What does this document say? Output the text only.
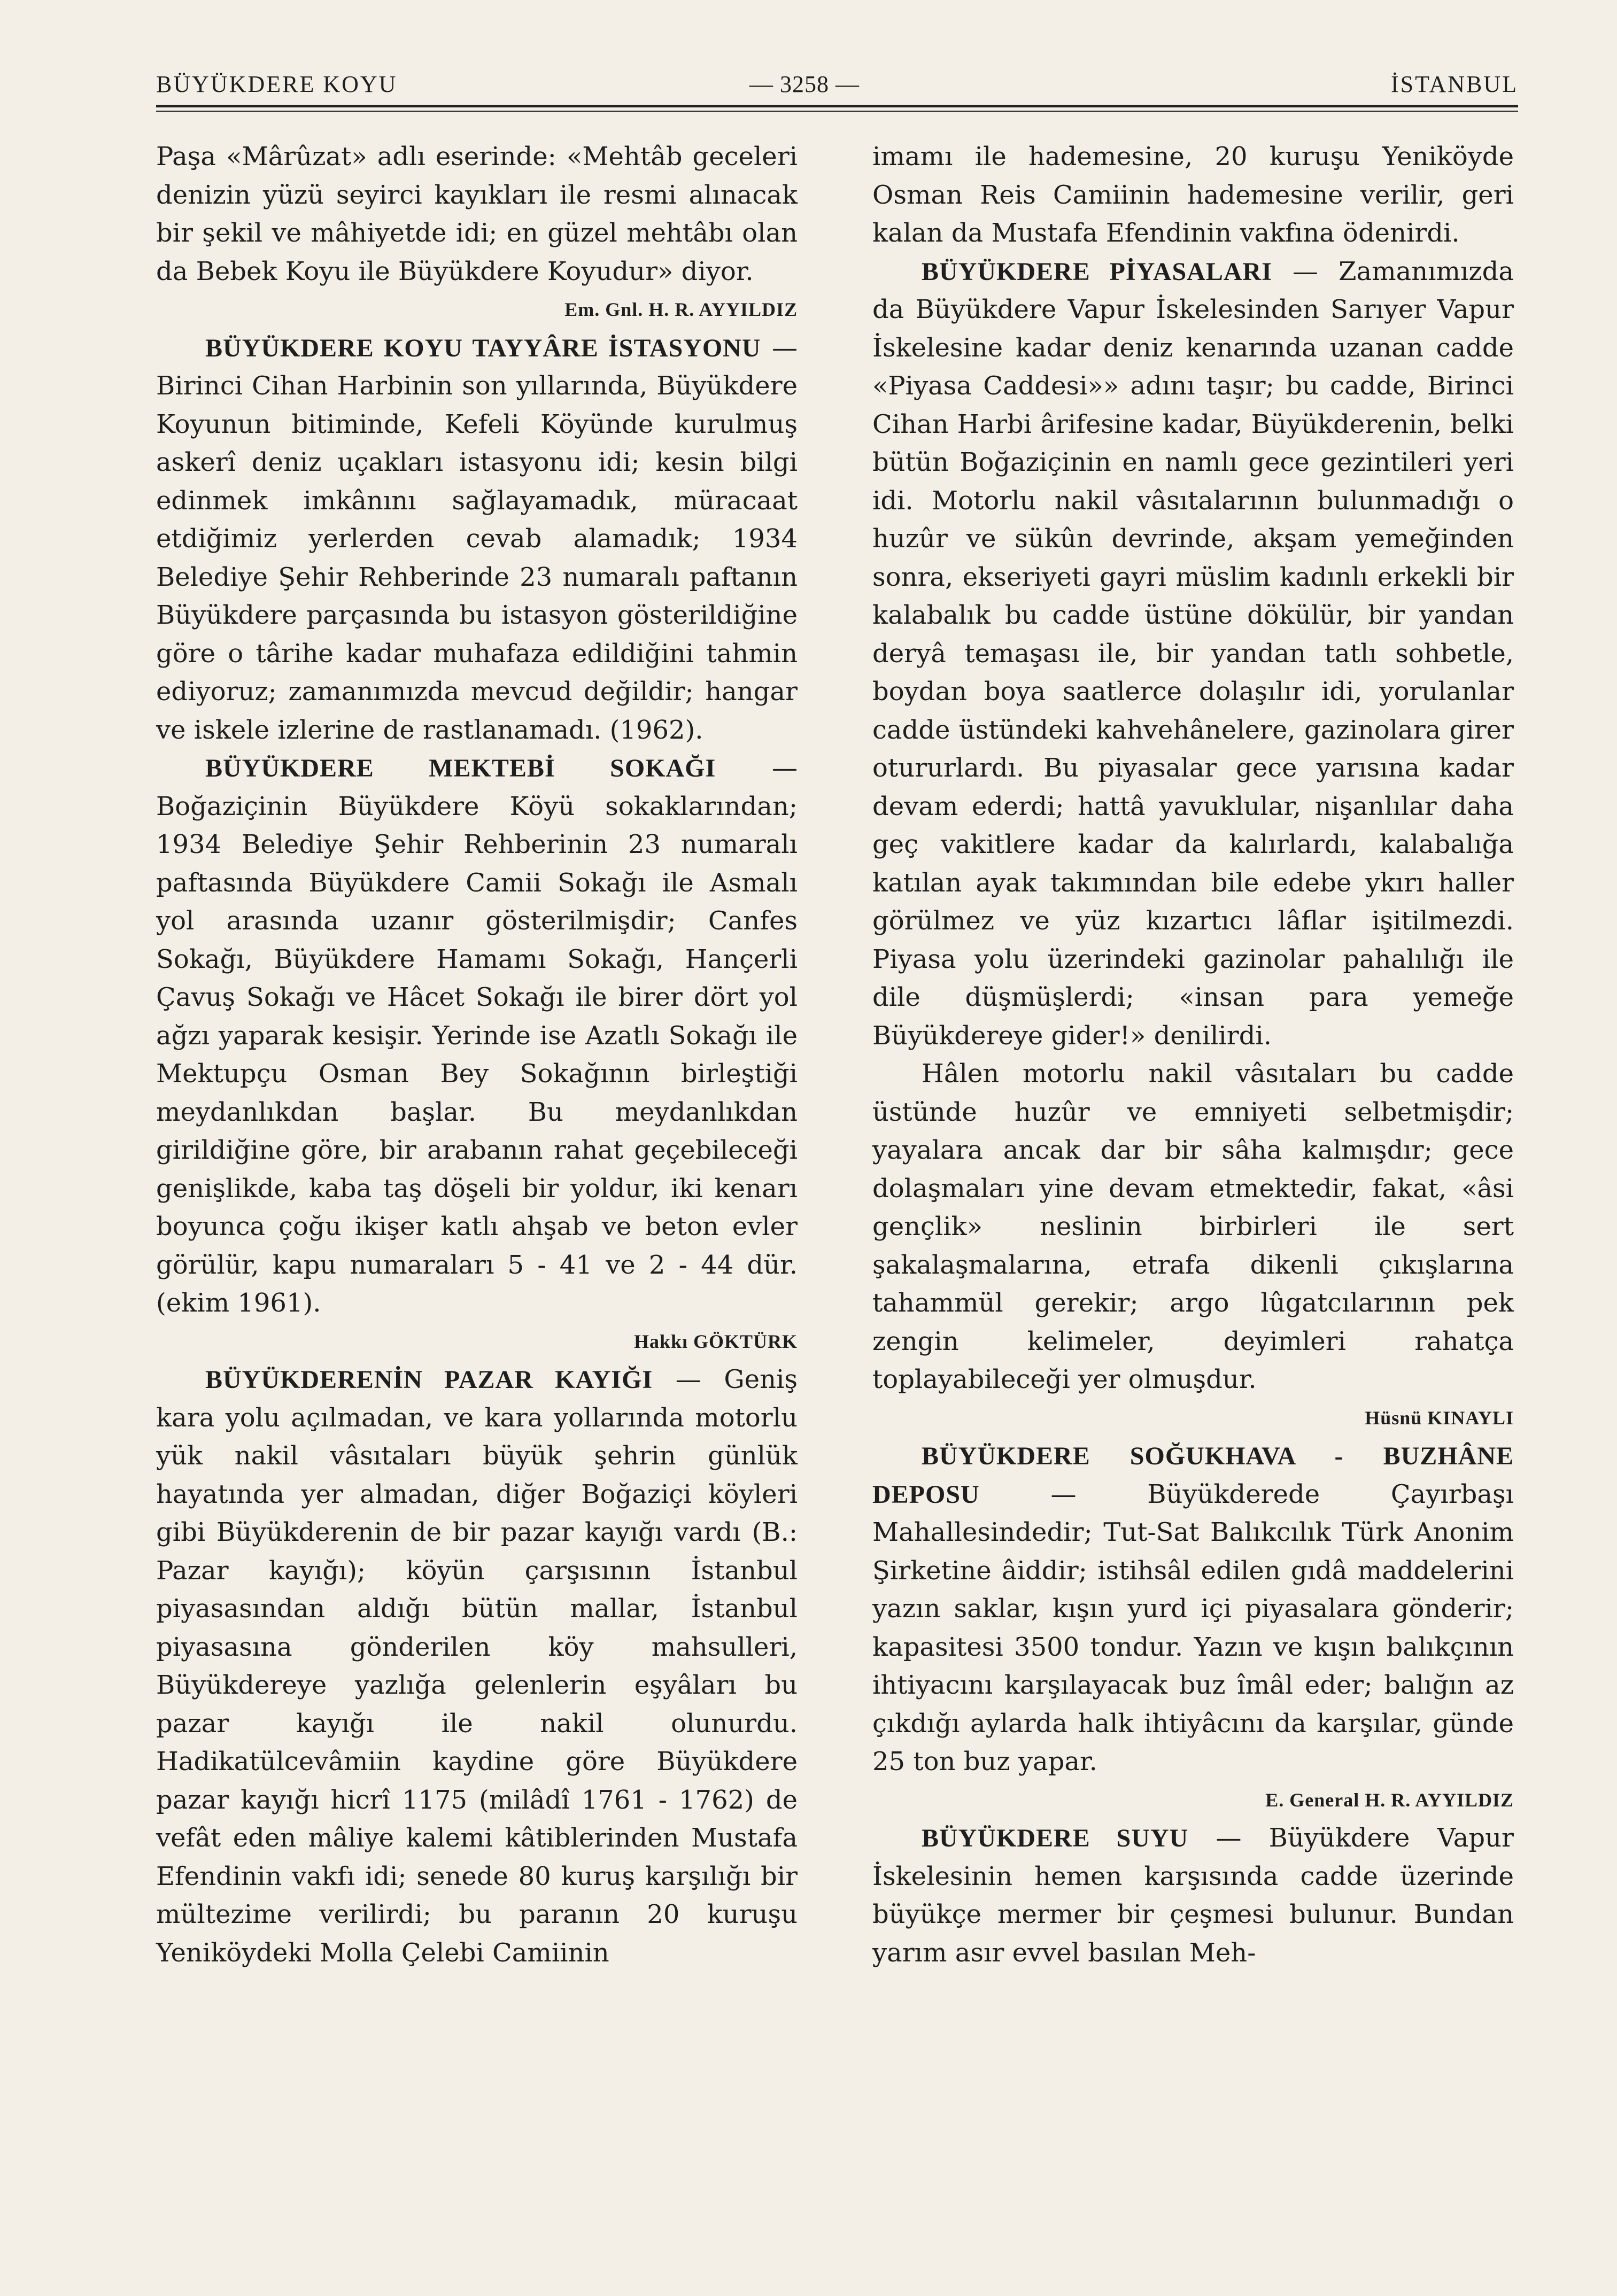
BÜYÜKDERE KOYU	— 3258 —	İSTANBUL

Paşa «Mârûzat» adlı eserinde: «Mehtâb geceleri denizin yüzü seyirci kayıkları ile resmi alınacak bir şekil ve mâhiyetde idi; en güzel mehtâbı olan da Bebek Koyu ile Büyükdere Koyudur» diyor.

Em. Gnl. H. R. AYYILDIZ

BÜYÜKDERE KOYU TAYYÂRE İSTASYONU — Birinci Cihan Harbinin son yıllarında, Büyükdere Koyunun bitiminde, Kefeli Köyünde kurulmuş askerî deniz uçakları istasyonu idi; kesin bilgi edinmek imkânını sağlayamadık, müracaat etdiğimiz yerlerden cevab alamadık; 1934 Belediye Şehir Rehberinde 23 numaralı paftanın Büyükdere parçasında bu istasyon gösterildiğine göre o târihe kadar muhafaza edildiğini tahmin ediyoruz; zamanımızda mevcud değildir; hangar ve iskele izlerine de rastlanamadı. (1962).

BÜYÜKDERE MEKTEBİ SOKAĞI — Boğaziçinin Büyükdere Köyü sokaklarından; 1934 Belediye Şehir Rehberinin 23 numaralı paftasında Büyükdere Camii Sokağı ile Asmalı yol arasında uzanır gösterilmişdir; Canfes Sokağı, Büyükdere Hamamı Sokağı, Hançerli Çavuş Sokağı ve Hâcet Sokağı ile birer dört yol ağzı yaparak kesişir. Yerinde ise Azatlı Sokağı ile Mektupçu Osman Bey Sokağının birleştiği meydanlıkdan başlar. Bu meydanlıkdan girildiğine göre, bir arabanın rahat geçebileceği genişlikde, kaba taş döşeli bir yoldur, iki kenarı boyunca çoğu ikişer katlı ahşab ve beton evler görülür, kapu numaraları 5 - 41 ve 2 - 44 dür. (ekim 1961).

Hakkı GÖKTÜRK

BÜYÜKDERENİN PAZAR KAYIĞI — Geniş kara yolu açılmadan, ve kara yollarında motorlu yük nakil vâsıtaları büyük şehrin günlük hayatında yer almadan, diğer Boğaziçi köyleri gibi Büyükderenin de bir pazar kayığı vardı (B.: Pazar kayığı); köyün çarşısının İstanbul piyasasından aldığı bütün mallar, İstanbul piyasasına gönderilen köy mahsulleri, Büyükdereye yazlığa gelenlerin eşyâları bu pazar kayığı ile nakil olunurdu. Hadikatülcevâmiin kaydine göre Büyükdere pazar kayığı hicrî 1175 (milâdî 1761 - 1762) de vefât eden mâliye kalemi kâtiblerinden Mustafa Efendinin vakfı idi; senede 80 kuruş karşılığı bir mültezime verilirdi; bu paranın 20 kuruşu Yeniköydeki Molla Çelebi Camiinin

imamı ile hademesine, 20 kuruşu Yeniköyde Osman Reis Camiinin hademesine verilir, geri kalan da Mustafa Efendinin vakfına ödenirdi.

BÜYÜKDERE PİYASALARI — Zamanımızda da Büyükdere Vapur İskelesinden Sarıyer Vapur İskelesine kadar deniz kenarında uzanan cadde «Piyasa Caddesi»» adını taşır; bu cadde, Birinci Cihan Harbi ârifesine kadar, Büyükderenin, belki bütün Boğaziçinin en namlı gece gezintileri yeri idi. Motorlu nakil vâsıtalarının bulunmadığı o huzûr ve sükûn devrinde, akşam yemeğinden sonra, ekseriyeti gayri müslim kadınlı erkekli bir kalabalık bu cadde üstüne dökülür, bir yandan deryâ temaşası ile, bir yandan tatlı sohbetle, boydan boya saatlerce dolaşılır idi, yorulanlar cadde üstündeki kahvehânelere, gazinolara girer otururlardı. Bu piyasalar gece yarısına kadar devam ederdi; hattâ yavuklular, nişanlılar daha geç vakitlere kadar da kalırlardı, kalabalığa katılan ayak takımından bile edebe ykırı haller görülmez ve yüz kızartıcı lâflar işitilmezdi. Piyasa yolu üzerindeki gazinolar pahalılığı ile dile düşmüşlerdi; «insan para yemeğe Büyükdereye gider!» denilirdi.

Hâlen motorlu nakil vâsıtaları bu cadde üstünde huzûr ve emniyeti selbetmişdir; yayalara ancak dar bir sâha kalmışdır; gece dolaşmaları yine devam etmektedir, fakat, «âsi gençlik» neslinin birbirleri ile sert şakalaşmalarına, etrafa dikenli çıkışlarına tahammül gerekir; argo lûgatcılarının pek zengin kelimeler, deyimleri rahatça toplayabileceği yer olmuşdur.

Hüsnü KINAYLI

BÜYÜKDERE SOĞUKHAVA - BUZHÂNE DEPOSU — Büyükderede Çayırbaşı Mahallesindedir; Tut-Sat Balıkcılık Türk Anonim Şirketine âiddir; istihsâl edilen gıdâ maddelerini yazın saklar, kışın yurd içi piyasalara gönderir; kapasitesi 3500 tondur. Yazın ve kışın balıkçının ihtiyacını karşılayacak buz îmâl eder; balığın az çıkdığı aylarda halk ihtiyâcını da karşılar, günde 25 ton buz yapar.

E. General H. R. AYYILDIZ

BÜYÜKDERE SUYU — Büyükdere Vapur İskelesinin hemen karşısında cadde üzerinde büyükçe mermer bir çeşmesi bulunur. Bundan yarım asır evvel basılan Meh-
